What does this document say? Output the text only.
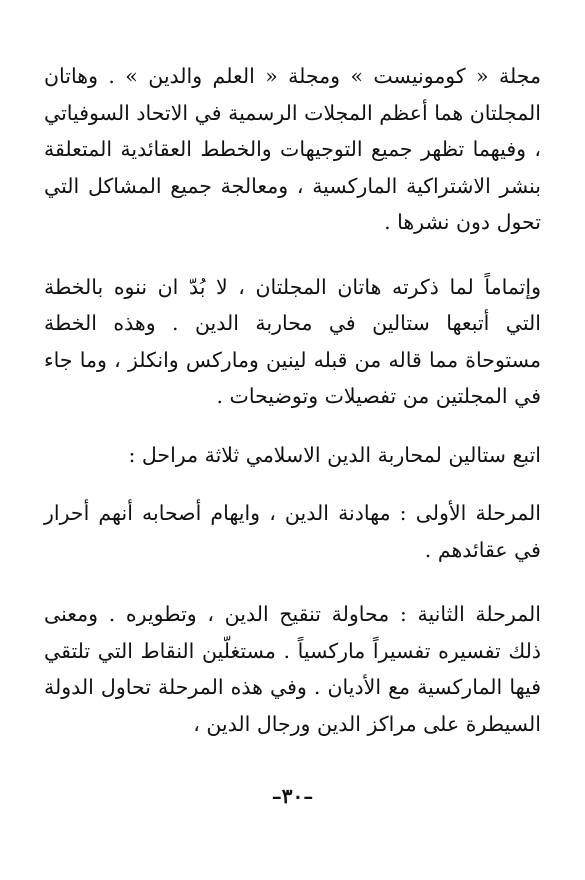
مجلة « كومونيست » ومجلة « العلم والدين » . وهاتان المجلتان هما أعظم المجلات الرسمية في الاتحاد السوفياتي ، وفيهما تظهر جميع التوجيهات والخطط العقائدية المتعلقة بنشر الاشتراكية الماركسية ، ومعالجة جميع المشاكل التي تحول دون نشرها .

وإتماماً لما ذكرته هاتان المجلتان ، لا بُدّ ان ننوه بالخطة التي أتبعها ستالين في محاربة الدين . وهذه الخطة مستوحاة مما قاله من قبله لينين وماركس وانكلز ، وما جاء في المجلتين من تفصيلات وتوضيحات .

اتبع ستالين لمحاربة الدين الاسلامي ثلاثة مراحل :

المرحلة الأولى : مهادنة الدين ، وايهام أصحابه أنهم أحرار في عقائدهم .

المرحلة الثانية : محاولة تنقيح الدين ، وتطويره . ومعنى ذلك تفسيره تفسيراً ماركسياً . مستغلّين النقاط التي تلتقي فيها الماركسية مع الأديان . وفي هذه المرحلة تحاول الدولة السيطرة على مراكز الدين ورجال الدين ،

–٣٠–
